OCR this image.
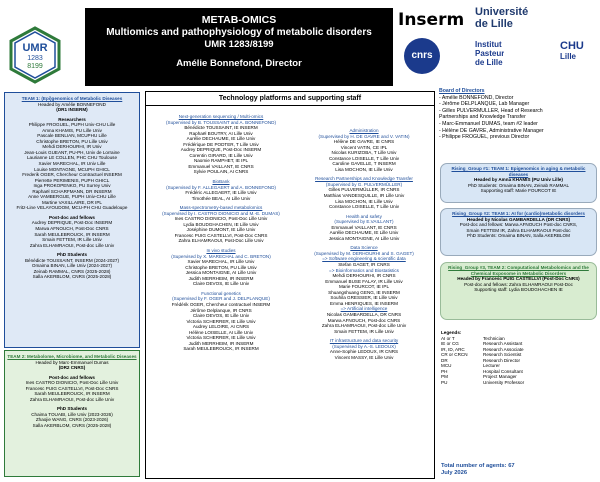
METAB-OMICS
Multiomics and pathophysiology of metabolic disorders
UMR 1283/8199
Amélie Bonnefond, Director
UMR
1283
8199
Inserm Université
de Lille
cnrs
Institut
Pasteur
de Lille
CHU
Lille
TEAM 1: (Epi)genomics of Metabolic Diseases
Headed by Amélie BONNEFOND
(DR1 INSERM)
Researchers
Philippe FROGUEL, PUPH Univ-CHU Lille
Amna KHAMIS, PU Lille Univ
Pascale BENLIAN, MCUPHU Lille
Christophe BRETON, PU Lille Univ
Mehdi DERHOURHI, IR Univ
Jean-Louis GUEANT, PU-PH, Univ de Lorraine
Laurianne LE COLLEN, PHC CHU Toulouse
Xavier MARECHAL, IR Univ Lille
Louise MONTAGNE, MCUPH GHICL
Frederik OGER, Chercheur Contractuel INSERM
Pierrette PERIMENIS, PUPH GHICL
Inga PROKOPENKO, PU Surrey Univ
Raphaël SCHARFMANN, DR INSERM
Anne VAMBERGUE, PUPH Univ-CHU Lille
Martine VAXILLAIRE, DR IPL
Fritz-Line VELAYOUDOM, MCU-PH CHU Guadeloupe
Post-doc and fellows
Audrey DEPRIQUE, Post-Doc INSERM
Marwa AFNOUCH, Post-Doc CNRS
Sarah MEULEBROUCK, IR INSERM
Smain FETTEM, IR Lille Univ
Zahra ELHAMRAOUI, Post-doc Lille Univ
PhD Students
Bénédicte TOUSSAINT, INSERM (2024-2027)
Omaima BINAN, Lille Univ (2024-2027)
Zeinab RAMMAL, CNRS (2025-2028)
Salla AKERBLOM, CNRS (2025-2028)
TEAM 2: Metabolome, Microbiome, and Metabolic Diseases
Headed by Marc-Emmanuel Dumas
(DR2 CNRS)
Post-doc and fellows
Ines CASTRO DIONICIO, Post-Doc Lille Univ
Francesc PUIG CASTELLVI, Post-Doc CNRS
Sarah MEULEBROUCK, IR INSERM
Zahra ELHAMRAOUI, Post-doc Lille Univ
PhD Students
Chaima TOUABI, Lille Univ (2023-2026)
Zhaojie WANG, CNRS (2023-2026)
Salla AKERBLOM, CNRS (2025-2028)
Technology platforms and supporting staff
Next-generation sequencing / Multi-omics
(Supervised by B. TOUSSAINT and A. BONNEFOND)
Bénédicte TOUSSAINT, IE INSERM
Raphaël BOUTRY, AI Lille Univ
Aurélie DECHAUME, IE Lille Univ
Frédérique DE PODTER, T Lille Univ
Audrey DEPRIQUE, Post-Doc INSERM
Corentin GIRARD, IE Lille Univ
Naomie RAMPHET, IE IPL
Emmanuel VAILLANT, IE CNRS
Sylvie POULAIN, AI CNRS
BioBank
(Supervised by F. ALLEGAERT and A. BONNEFOND)
Frédéric ALLEGAERT, IE Lille Univ
Timothée BEAL, AI Lille Univ
Mass-spectrometry-based metabolomics
(Supervised by I. CASTRO DIONICIO and M.-E. DUMAS)
Ines CASTRO DIONICIO, Post-Doc Lille Univ
Lydia BOUDGHACHEN, IE Lille Univ
Joséphine DUMONT, IE Lille Univ
Francesc PUIG CASTELLVI, Post-Doc CNRS
Zahra ELHAMRAOUI, Post-Doc Lille Univ
In vivo studies
(Supervised by X. MARECHAL and C. BRETON)
Xavier MARECHAL, IR Lille Univ
Christophe BRETON, PU Lille Univ
Jessica MONTAIGNE, AI Lille Univ
Judith MERRHEIM, IR INSERM
Claire DEVOS, IE Lille Univ
Functional genetics
(Supervised by F. OGER and J. DELPLANQUE)
Frédérik OGER, Chercheur contractuel INSERM
Jérôme Delplanque, IR CNRS
Claire DEVOS, IE Lille Univ
Victoria SCHERRER, IE Lille Univ
Audrey LELOIRE, AI CNRS
Hélène LOISELLE, AI Lille Univ
Victoria SCHERRER, IE Lille Univ
Judith MERRHEIM, IR INSERM
Sarah MEULEBROUCK, IR INSERM
Administration
(Supervised by H. DE GAVRE and V. VATIN)
Hélène DE GAVRE, IE CNRS
Vincent VATIN, CE IPL
Nicolas KURIZOBA, T Lille Univ
Constance LOISELLE, T Lille Univ
Caroline GAVELLE, T INSERM
Lisa MOCHON, IE Lille Univ
Research Partnerships and Knowledge Transfer
(Supervised by G. PULVERMÜLLER)
Gilles PULVERMÜLLER, IR CNRS
Matthias VANDESQUILLE, IR Lille Univ
Lisa MOCHON, IE Lille Univ
Constance LOISELLE, T Lille Univ
Health and safety
(Supervised by E.VAILLANT)
Emmanuel VAILLANT, IE CNRS
Aurélie DECHAUME, IE Lille Univ
Jessica MONTAIGNE, AI Lille Univ
Data Science
(Supervised by M. DERHOURHI and S. GAGET)
=> Software engineering & scientific data
Stefan GAGET, IR CNRS
=> Bioinformatics and Biostatistics
Mehdi DERHOURHI, IR CNRS
Emmanuel BUSE FALAY, IR Lille Univ
Marie FOURCOT, IE IPL
Shuangshuang GENG, IE INSERM
Souhila GRESSIER, IE Lille Univ
Emma HENRIQUES, IE INSERM
=> Artificial intelligence
Nicolas GAMBARDELLA, DR CNRS
Marwa AFNOUCH, Post-doc CNRS
Zahra ELHAMRAOUI, Post-doc Lille Univ
Smain FETTEM, IR Lille Univ
IT infrastructure and data security
(Supervised by A.-S. LEDOUX)
Anne-Sophie LEDOUX, IR CNRS
Vincent MASSY, IE Lille Univ
Board of Directors
- Amélie BONNEFOND, Director
- Jérôme DELPLANQUE, Lab Manager
- Gilles PULVERMÜLLER, Head of Research
Partnerships and Knowledge Transfer
- Marc-Emmanuel DUMAS, team #2 leader
- Hélène DE GAVRE, Administrative Manager
- Philippe FROGUEL, previous Director
Rising_Group #1: TEAM 1: Epigenomics in aging & metabolic diseases
Headed by Amna KHAMIS (PU Univ Lille)
PhD Students: Omaima BINAN, Zeinab RAMMAL
Supporting staff: Marie FOURCOT IE
Rising_Group #2: TEAM 1: AI for (cardio)metabolic disorders
Headed by Nicolas GAMBARDELLA (DR CNRS)
Post-doc and fellows: Marwa AFNOUCH Post-doc CNRS,
Smain FETTEM IR, Zahra ELHAMRAOUI Post-doc
PhD Students: Omaima BINAN, Salla AKERBLOM
Rising_Group #3, TEAM 2: Computational Metabolomics and the Chemical Exposome in Metabolic Disorders
Headed by Francesc PUIG CASTELLVI (Post-Doc CNRS)
Post-doc and fellows: Zahra ELHAMRAOUI Post-Doc
Supporting staff: Lydia BOUDGHACHEN IE
Legends:
AI or T	Technician
IE or CG	Research Assistant
IR, ID, ARC	Research Associate
CR or CRCN	Research Scientist
DR	Research Director
MCU	Lecturer
PH	Hospital Consultant
PM	Project Manager
PU	University Professor
Total number of agents: 67
July 2026
